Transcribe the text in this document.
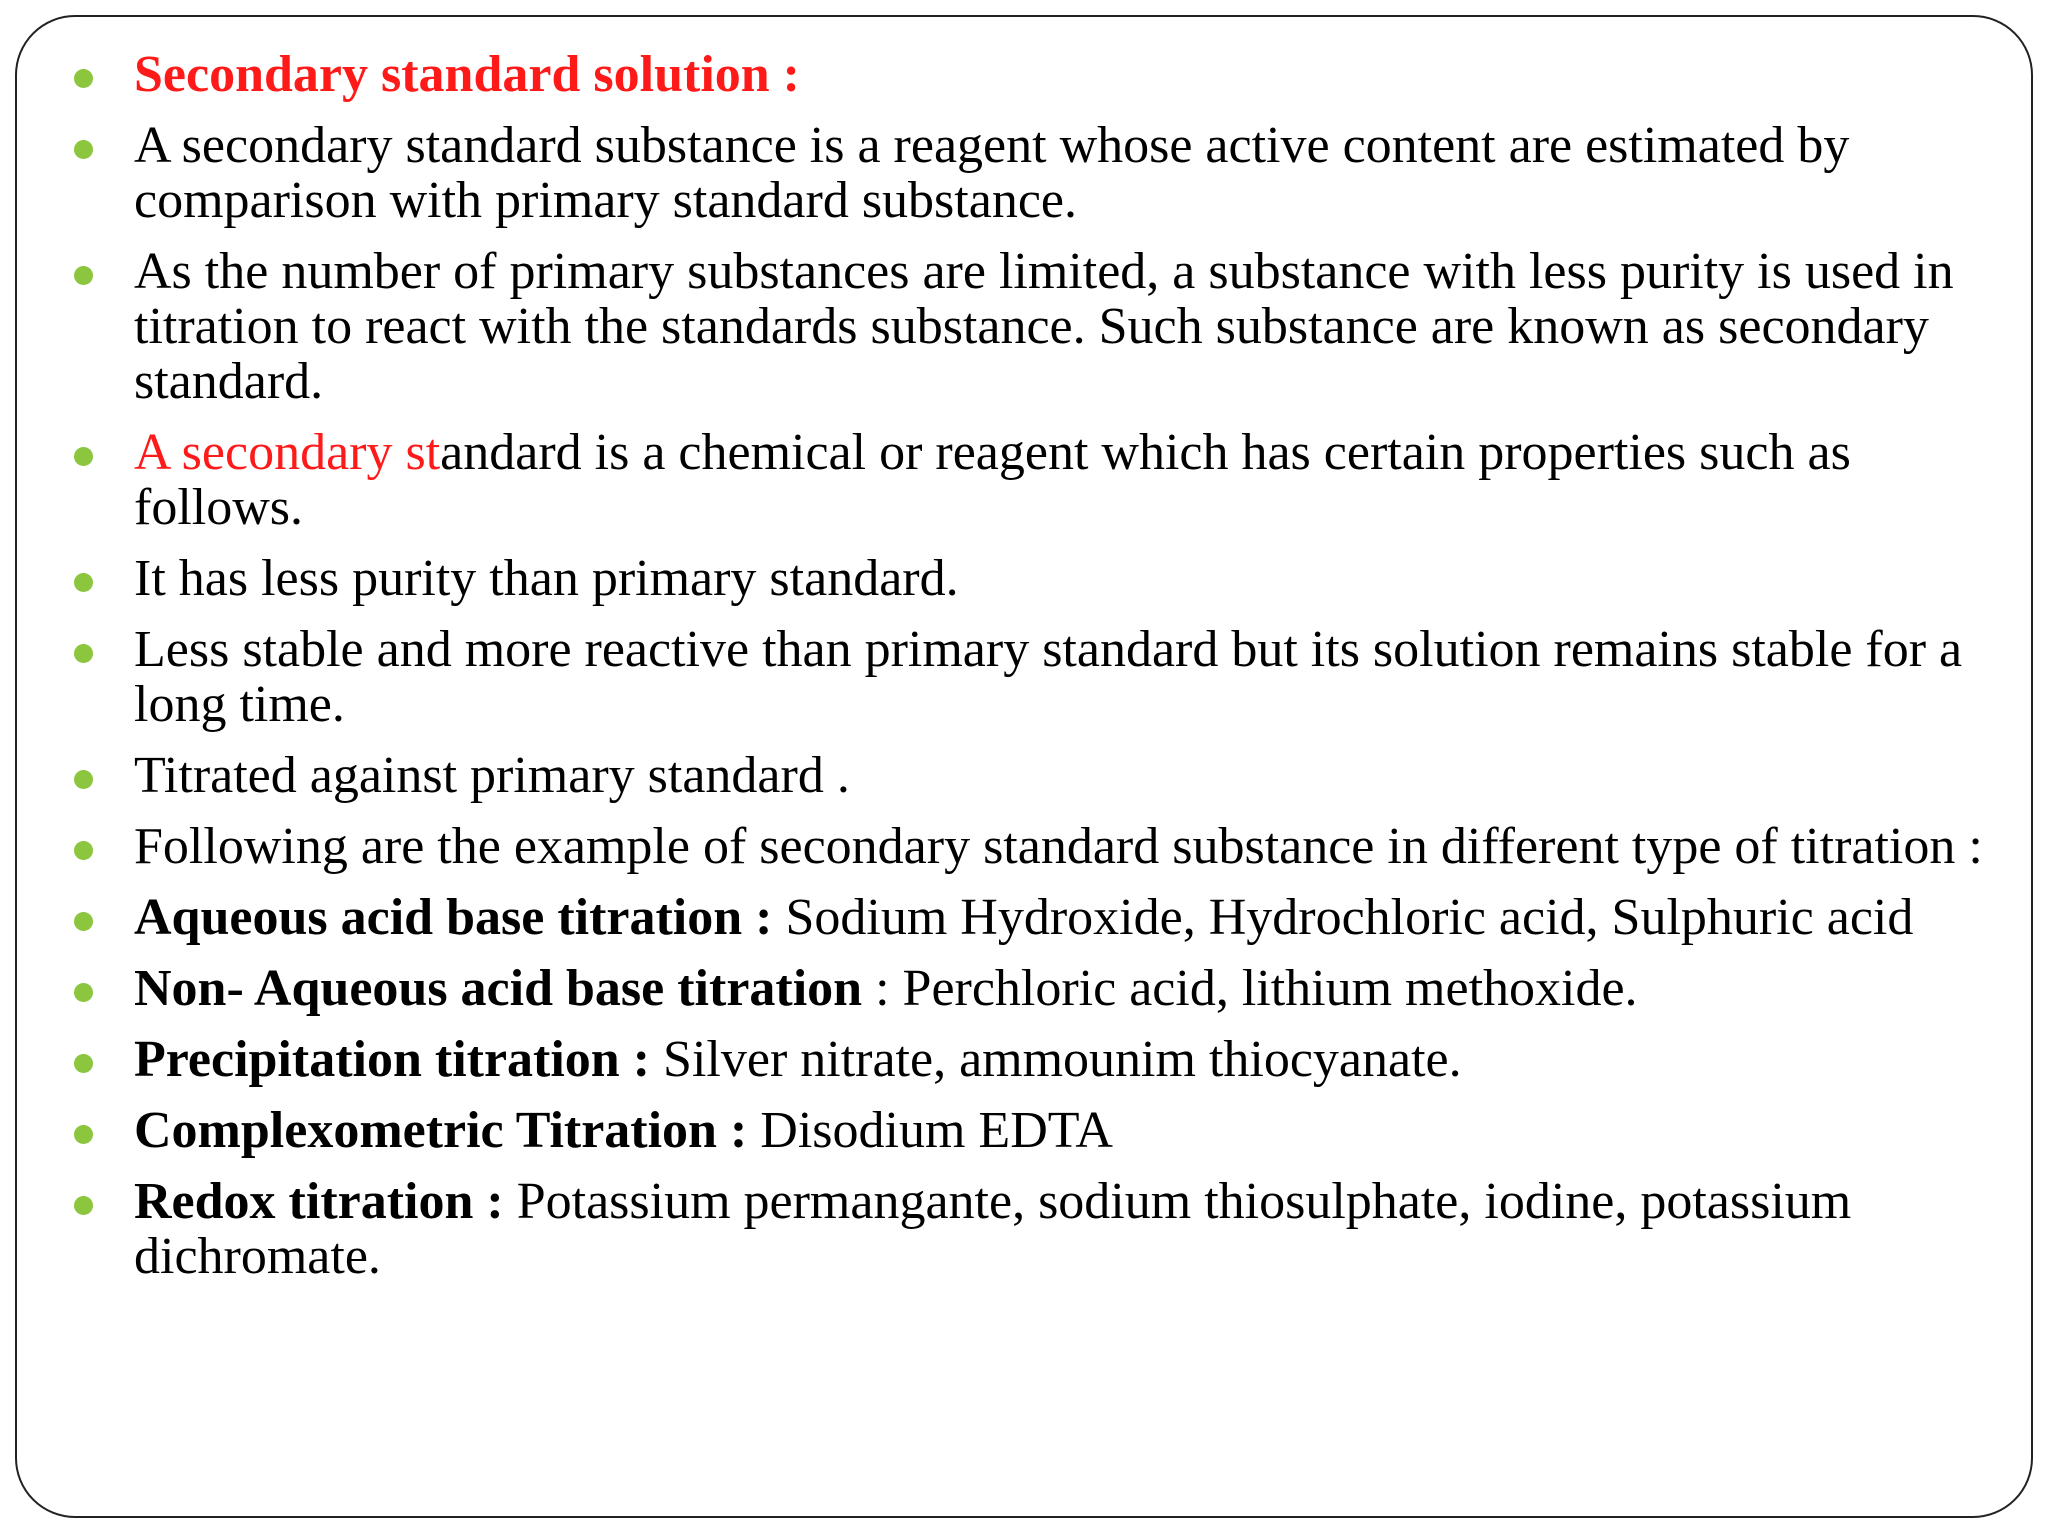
Secondary standard solution :
A secondary standard substance is a reagent whose active content are estimated by comparison with primary standard substance.
As the number of primary substances are limited, a substance with less purity is used in titration to react with the standards substance. Such substance are known as secondary standard.
A secondary standard is a chemical or reagent which has certain properties such as follows.
It has less purity than primary standard.
Less stable and more reactive than primary standard but its solution remains stable for a long time.
Titrated against primary standard .
Following are the example of secondary standard substance in different type of titration :
Aqueous acid base titration : Sodium Hydroxide, Hydrochloric acid, Sulphuric acid
Non- Aqueous acid base titration : Perchloric acid, lithium methoxide.
Precipitation titration : Silver nitrate, ammounim thiocyanate.
Complexometric Titration : Disodium EDTA
Redox titration : Potassium permangante, sodium thiosulphate, iodine, potassium dichromate.
